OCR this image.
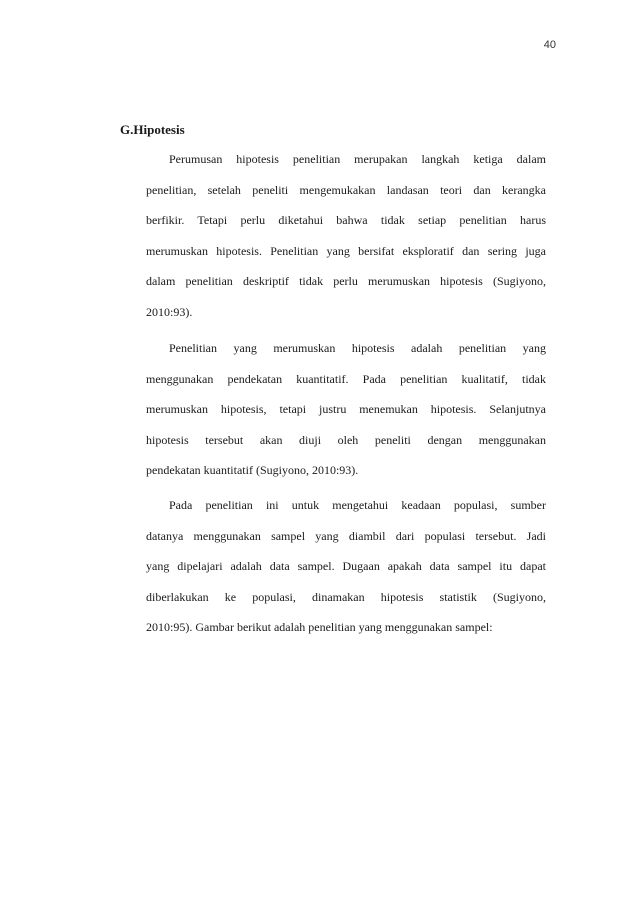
40
G.Hipotesis

Perumusan hipotesis penelitian merupakan langkah ketiga dalam
penelitian, setelah peneliti mengemukakan landasan teori dan kerangka
berfikir. Tetapi perlu diketahui bahwa tidak setiap penelitian harus
merumuskan hipotesis. Penelitian yang bersifat eksploratif dan sering juga
dalam penelitian deskriptif tidak perlu merumuskan hipotesis (Sugiyono,
2010:93).

Penelitian yang merumuskan hipotesis adalah penelitian yang
menggunakan pendekatan kuantitatif. Pada penelitian kualitatif, tidak
merumuskan hipotesis, tetapi justru menemukan hipotesis. Selanjutnya
hipotesis tersebut akan diuji oleh peneliti dengan menggunakan
pendekatan kuantitatif (Sugiyono, 2010:93).

Pada penelitian ini untuk mengetahui keadaan populasi, sumber
datanya menggunakan sampel yang diambil dari populasi tersebut. Jadi
yang dipelajari adalah data sampel. Dugaan apakah data sampel itu dapat
diberlakukan ke populasi, dinamakan hipotesis statistik (Sugiyono,
2010:95). Gambar berikut adalah penelitian yang menggunakan sampel:
